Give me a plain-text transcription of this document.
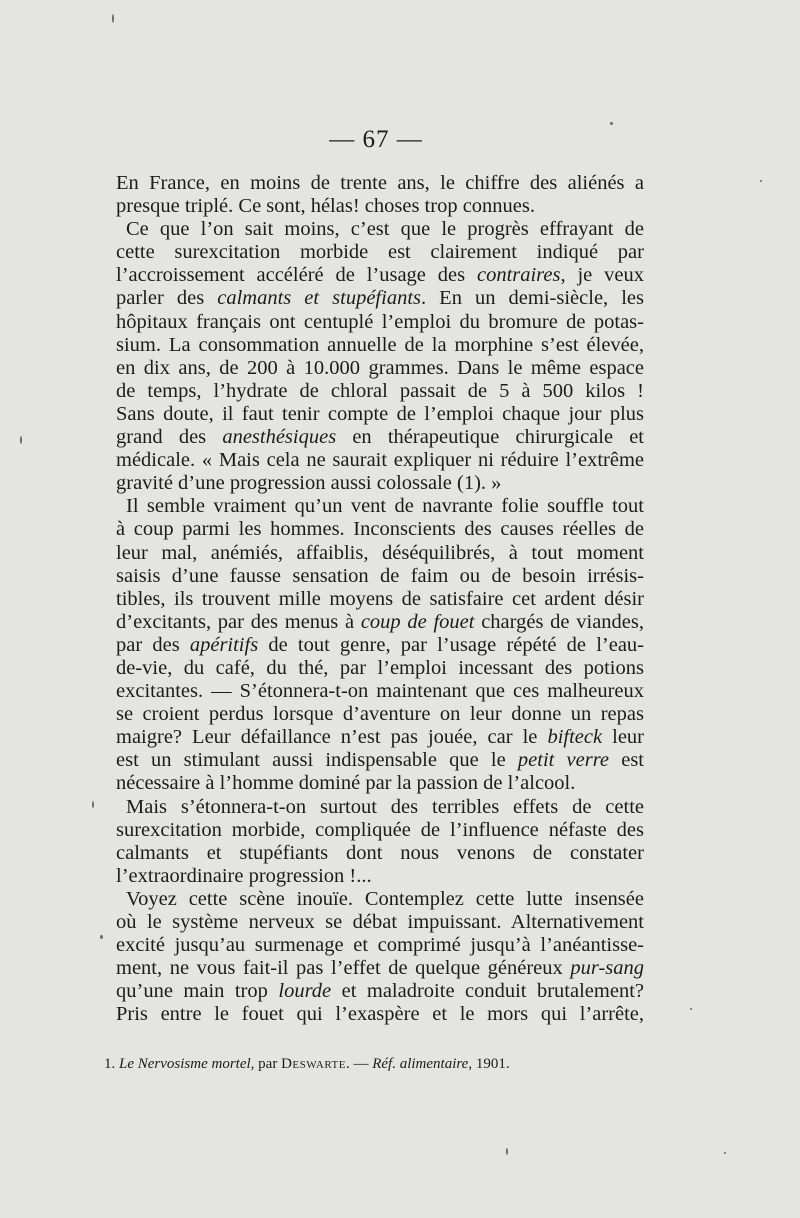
— 67 —
En France, en moins de trente ans, le chiffre des aliénés a
presque triplé. Ce sont, hélas! choses trop connues.
Ce que l’on sait moins, c’est que le progrès effrayant de
cette surexcitation morbide est clairement indiqué par
l’accroissement accéléré de l’usage des contraires, je veux
parler des calmants et stupéfiants. En un demi-siècle, les
hôpitaux français ont centuplé l’emploi du bromure de potas-
sium. La consommation annuelle de la morphine s’est élevée,
en dix ans, de 200 à 10.000 grammes. Dans le même espace
de temps, l’hydrate de chloral passait de 5 à 500 kilos !
Sans doute, il faut tenir compte de l’emploi chaque jour plus
grand des anesthésiques en thérapeutique chirurgicale et
médicale. « Mais cela ne saurait expliquer ni réduire l’extrême
gravité d’une progression aussi colossale (1). »
Il semble vraiment qu’un vent de navrante folie souffle tout
à coup parmi les hommes. Inconscients des causes réelles de
leur mal, anémiés, affaiblis, déséquilibrés, à tout moment
saisis d’une fausse sensation de faim ou de besoin irrésis-
tibles, ils trouvent mille moyens de satisfaire cet ardent désir
d’excitants, par des menus à coup de fouet chargés de viandes,
par des apéritifs de tout genre, par l’usage répété de l’eau-
de-vie, du café, du thé, par l’emploi incessant des potions
excitantes. — S’étonnera-t-on maintenant que ces malheureux
se croient perdus lorsque d’aventure on leur donne un repas
maigre? Leur défaillance n’est pas jouée, car le bifteck leur
est un stimulant aussi indispensable que le petit verre est
nécessaire à l’homme dominé par la passion de l’alcool.
Mais s’étonnera-t-on surtout des terribles effets de cette
surexcitation morbide, compliquée de l’influence néfaste des
calmants et stupéfiants dont nous venons de constater
l’extraordinaire progression !...
Voyez cette scène inouïe. Contemplez cette lutte insensée
où le système nerveux se débat impuissant. Alternativement
excité jusqu’au surmenage et comprimé jusqu’à l’anéantisse-
ment, ne vous fait-il pas l’effet de quelque généreux pur-sang
qu’une main trop lourde et maladroite conduit brutalement?
Pris entre le fouet qui l’exaspère et le mors qui l’arrête,
1. Le Nervosisme mortel, par Deswarte. — Réf. alimentaire, 1901.
